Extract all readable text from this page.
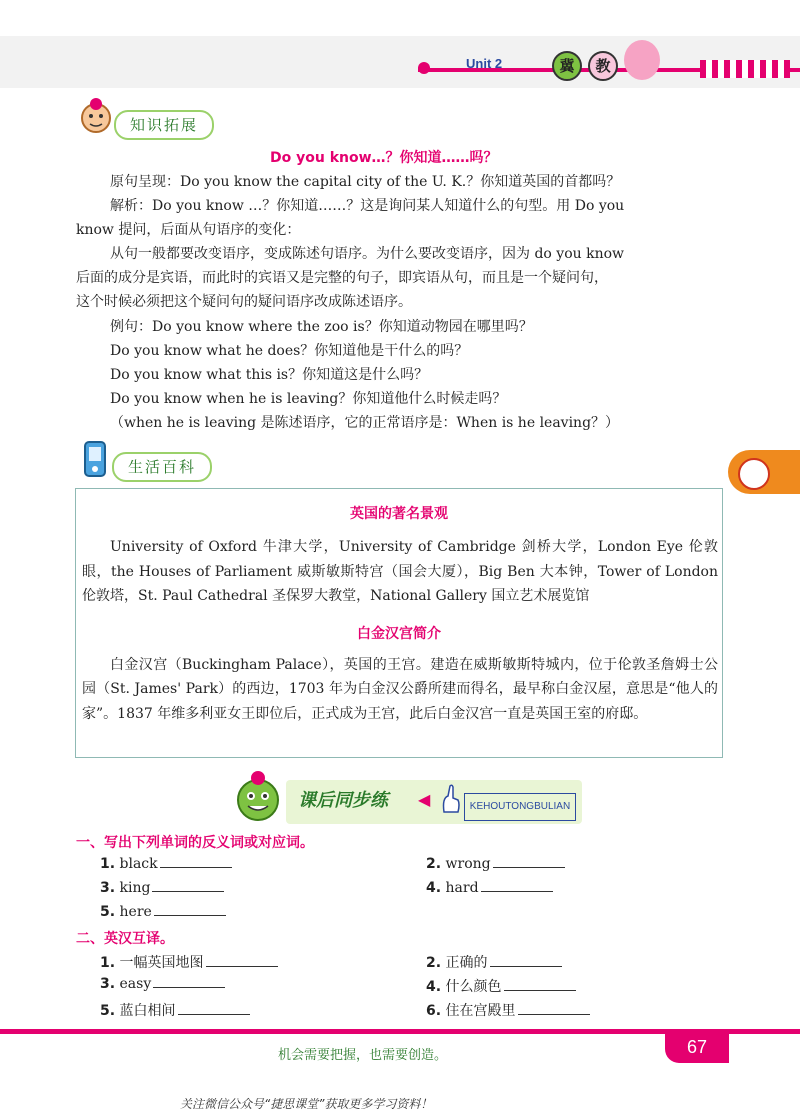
Unit 2	冀	教
知识拓展
Do you know…？你知道……吗？
原句呈现：Do you know the capital city of the U. K.？你知道英国的首都吗？
解析：Do you know …？你知道……？这是询问某人知道什么的句型。用 Do you
know 提问，后面从句语序的变化：
从句一般都要改变语序，变成陈述句语序。为什么要改变语序，因为 do you know
后面的成分是宾语，而此时的宾语又是完整的句子，即宾语从句，而且是一个疑问句，
这个时候必须把这个疑问句的疑问语序改成陈述语序。
例句：Do you know where the zoo is？你知道动物园在哪里吗？
Do you know what he does？你知道他是干什么的吗？
Do you know what this is？你知道这是什么吗？
Do you know when he is leaving？你知道他什么时候走吗？
（when he is leaving 是陈述语序，它的正常语序是：When is he leaving？）
生活百科
英国的著名景观
University of Oxford 牛津大学，University of Cambridge 剑桥大学，London Eye 伦敦眼，the Houses of Parliament 威斯敏斯特宫（国会大厦），Big Ben 大本钟，Tower of London 伦敦塔，St. Paul Cathedral 圣保罗大教堂，National Gallery 国立艺术展览馆
白金汉宫简介
白金汉宫（Buckingham Palace），英国的王宫。建造在威斯敏斯特城内，位于伦敦圣詹姆士公园（St. James' Park）的西边，1703 年为白金汉公爵所建而得名，最早称白金汉屋，意思是“他人的家”。1837 年维多利亚女王即位后，正式成为王宫，此后白金汉宫一直是英国王室的府邸。
课后同步练 ◀	KEHOUTONGBULIAN
一、写出下列单词的反义词或对应词。
1. black	2. wrong
3. king	4. hard
5. here
二、英汉互译。
1. 一幅英国地图	2. 正确的
3. easy	4. 什么颜色
5. 蓝白相间	6. 住在宫殿里
机会需要把握，也需要创造。	67
关注微信公众号“捷思课堂”获取更多学习资料！
